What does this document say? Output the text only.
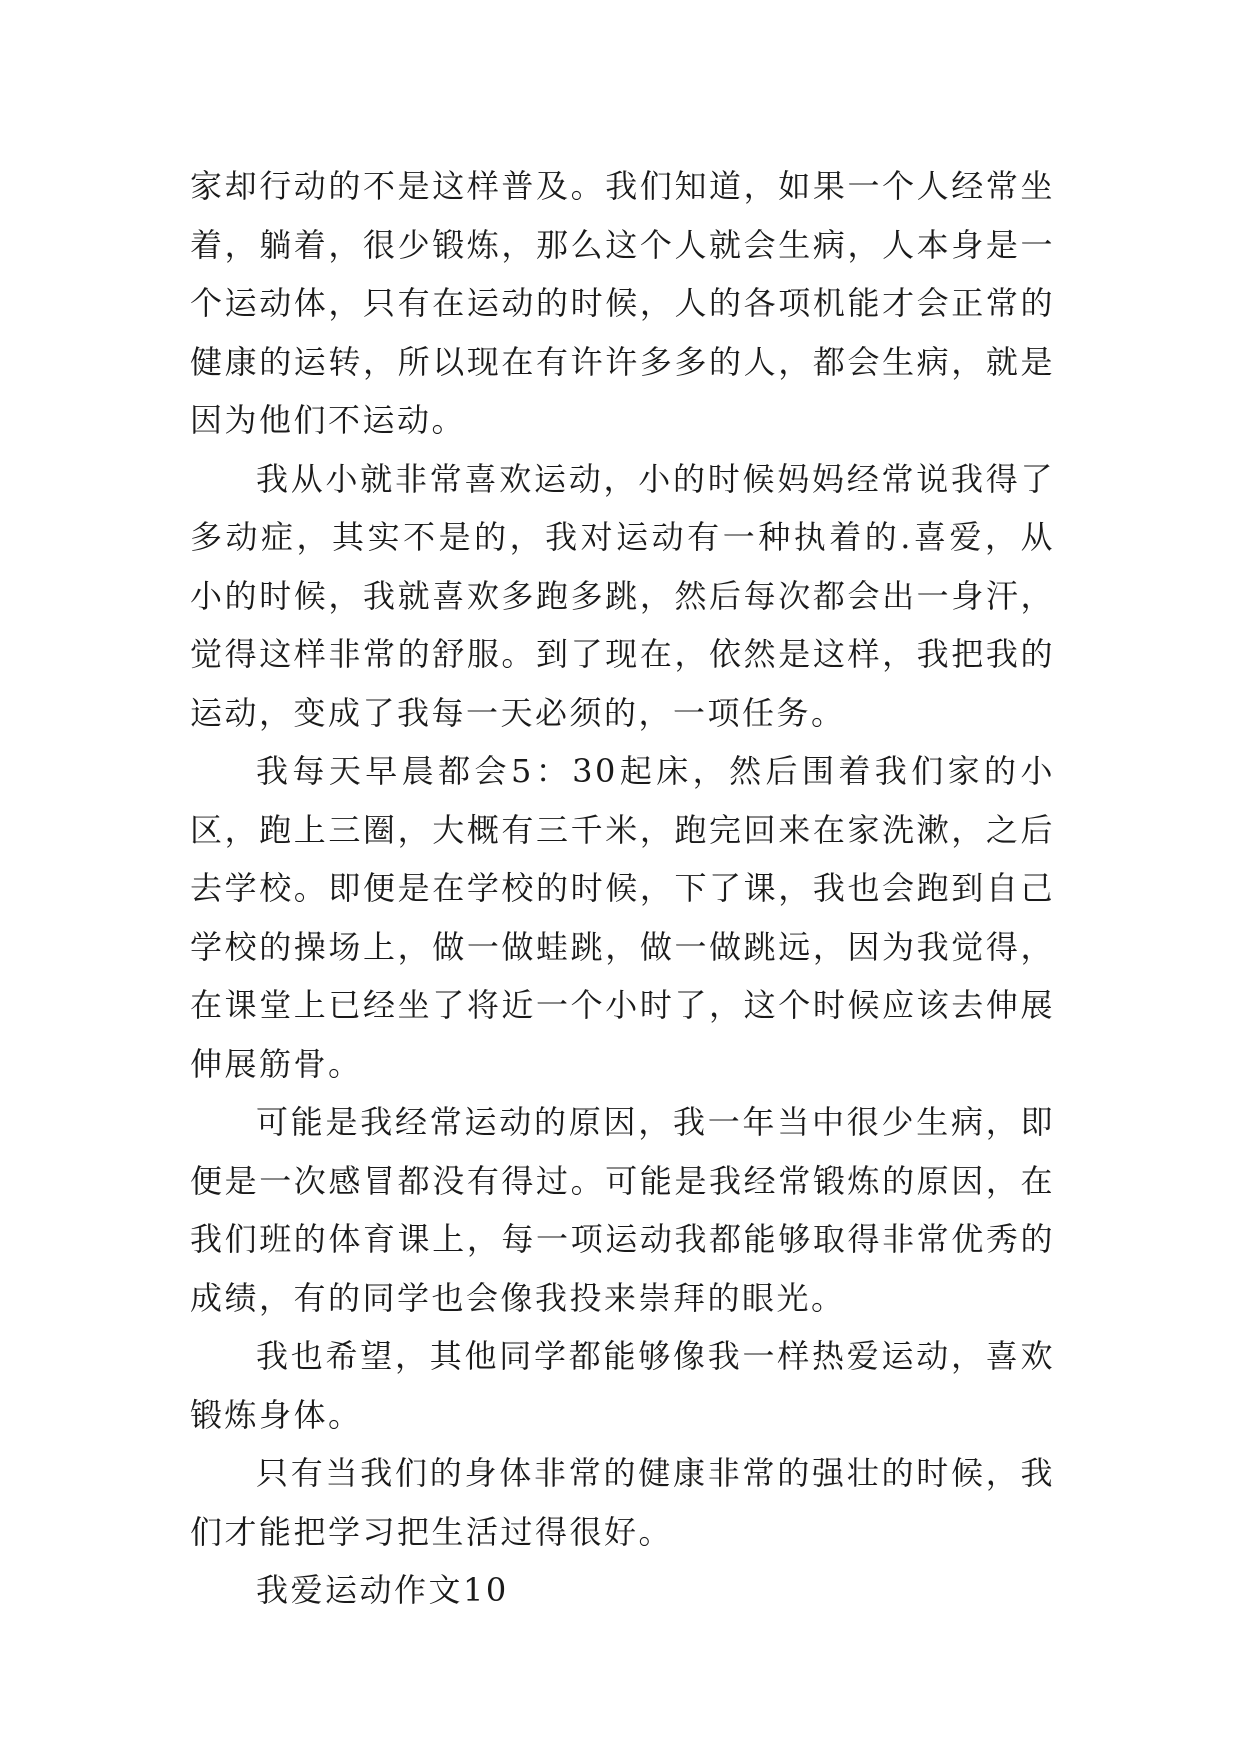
家却行动的不是这样普及。我们知道，如果一个人经常坐着，躺着，很少锻炼，那么这个人就会生病，人本身是一个运动体，只有在运动的时候，人的各项机能才会正常的健康的运转，所以现在有许许多多的人，都会生病，就是因为他们不运动。

我从小就非常喜欢运动，小的时候妈妈经常说我得了多动症，其实不是的，我对运动有一种执着的.喜爱，从小的时候，我就喜欢多跑多跳，然后每次都会出一身汗，觉得这样非常的舒服。到了现在，依然是这样，我把我的运动，变成了我每一天必须的，一项任务。

我每天早晨都会5：30起床，然后围着我们家的小区，跑上三圈，大概有三千米，跑完回来在家洗漱，之后去学校。即便是在学校的时候，下了课，我也会跑到自己学校的操场上，做一做蛙跳，做一做跳远，因为我觉得，在课堂上已经坐了将近一个小时了，这个时候应该去伸展伸展筋骨。

可能是我经常运动的原因，我一年当中很少生病，即便是一次感冒都没有得过。可能是我经常锻炼的原因，在我们班的体育课上，每一项运动我都能够取得非常优秀的成绩，有的同学也会像我投来崇拜的眼光。

我也希望，其他同学都能够像我一样热爱运动，喜欢锻炼身体。

只有当我们的身体非常的健康非常的强壮的时候，我们才能把学习把生活过得很好。

我爱运动作文10
